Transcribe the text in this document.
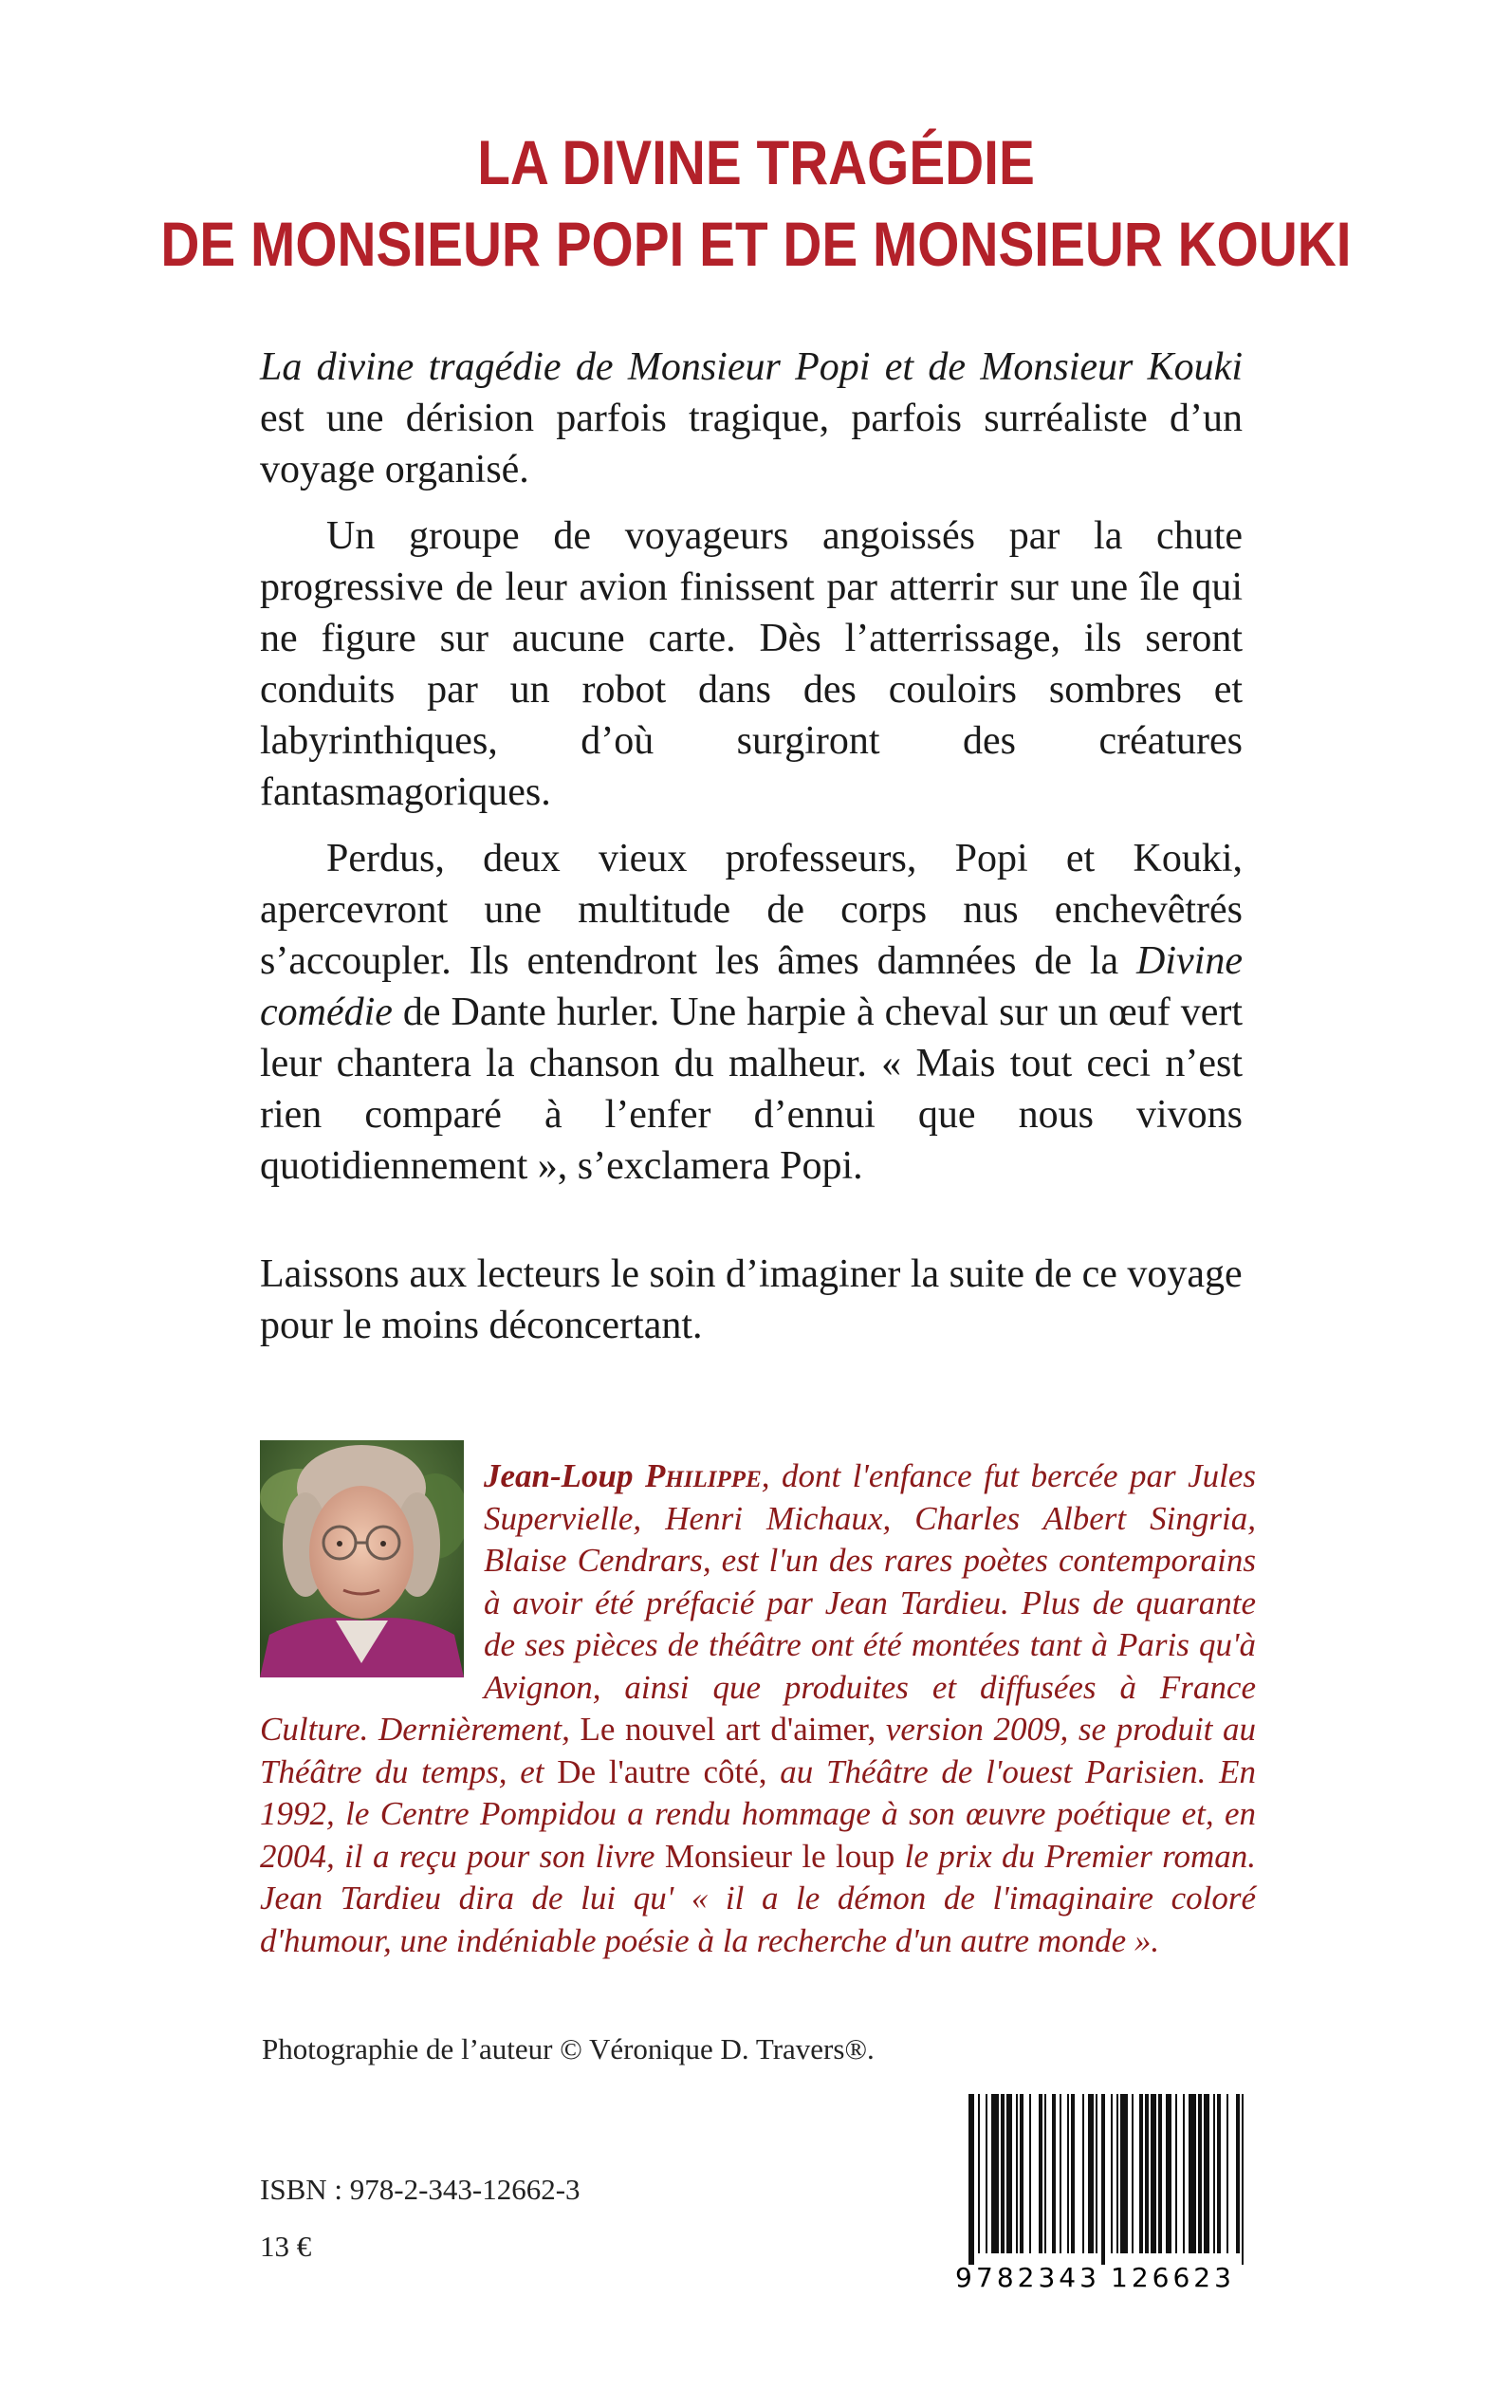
LA DIVINE TRAGÉDIE
DE MONSIEUR POPI ET DE MONSIEUR KOUKI

La divine tragédie de Monsieur Popi et de Monsieur Kouki est une dérision parfois tragique, parfois surréaliste d’un voyage organisé.

Un groupe de voyageurs angoissés par la chute progressive de leur avion finissent par atterrir sur une île qui ne figure sur aucune carte. Dès l’atterrissage, ils seront conduits par un robot dans des couloirs sombres et labyrinthiques, d’où surgiront des créatures fantasmagoriques.

Perdus, deux vieux professeurs, Popi et Kouki, apercevront une multitude de corps nus enchevêtrés s’accoupler. Ils entendront les âmes damnées de la Divine comédie de Dante hurler. Une harpie à cheval sur un œuf vert leur chantera la chanson du malheur. « Mais tout ceci n’est rien comparé à l’enfer d’ennui que nous vivons quotidiennement », s’exclamera Popi.

Laissons aux lecteurs le soin d’imaginer la suite de ce voyage pour le moins déconcertant.

Jean-Loup Philippe, dont l'enfance fut bercée par Jules Supervielle, Henri Michaux, Charles Albert Singria, Blaise Cendrars, est l'un des rares poètes contemporains à avoir été préfacié par Jean Tardieu. Plus de quarante de ses pièces de théâtre ont été montées tant à Paris qu'à Avignon, ainsi que produites et diffusées à France Culture. Dernièrement, Le nouvel art d'aimer, version 2009, se produit au Théâtre du temps, et De l'autre côté, au Théâtre de l'ouest Parisien. En 1992, le Centre Pompidou a rendu hommage à son œuvre poétique et, en 2004, il a reçu pour son livre Monsieur le loup le prix du Premier roman. Jean Tardieu dira de lui qu' « il a le démon de l'imaginaire coloré d'humour, une indéniable poésie à la recherche d'un autre monde ».
Photographie de l’auteur © Véronique D. Travers®.
ISBN : 978-2-343-12662-3
13 €
9 782343 126623
